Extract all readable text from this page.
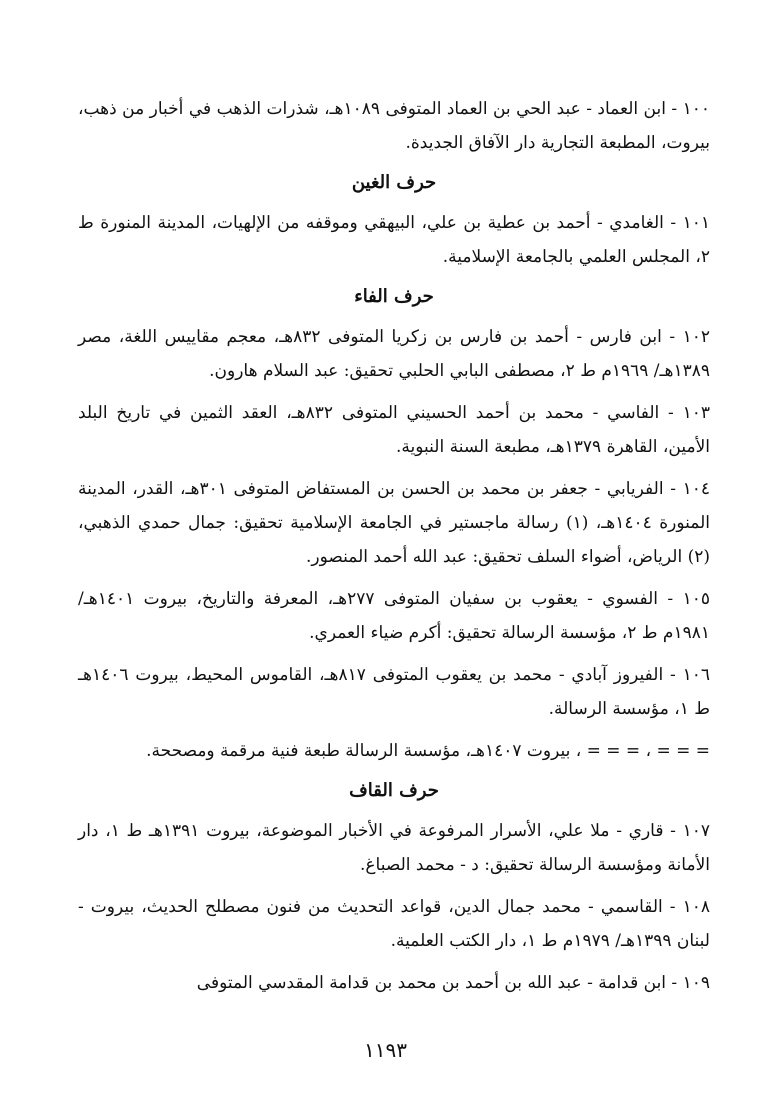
١٠٠ - ابن العماد - عبد الحي بن العماد المتوفى ١٠٨٩هـ، شذرات الذهب في أخبار من ذهب، بيروت، المطبعة التجارية دار الآفاق الجديدة.

حرف الغين

١٠١ - الغامدي - أحمد بن عطية بن علي، البيهقي وموقفه من الإلهيات، المدينة المنورة ط ٢، المجلس العلمي بالجامعة الإسلامية.

حرف الفاء

١٠٢ - ابن فارس - أحمد بن فارس بن زكريا المتوفى ٨٣٢هـ، معجم مقاييس اللغة، مصر ١٣٨٩هـ/ ١٩٦٩م ط ٢، مصطفى البابي الحلبي تحقيق: عبد السلام هارون.

١٠٣ - الفاسي - محمد بن أحمد الحسيني المتوفى ٨٣٢هـ، العقد الثمين في تاريخ البلد الأمين، القاهرة ١٣٧٩هـ، مطبعة السنة النبوية.

١٠٤ - الفريابي - جعفر بن محمد بن الحسن بن المستفاض المتوفى ٣٠١هـ، القدر، المدينة المنورة ١٤٠٤هـ، (١) رسالة ماجستير في الجامعة الإسلامية تحقيق: جمال حمدي الذهبي، (٢) الرياض، أضواء السلف تحقيق: عبد الله أحمد المنصور.

١٠٥ - الفسوي - يعقوب بن سفيان المتوفى ٢٧٧هـ، المعرفة والتاريخ، بيروت ١٤٠١هـ/ ١٩٨١م ط ٢، مؤسسة الرسالة تحقيق: أكرم ضياء العمري.

١٠٦ - الفيروز آبادي - محمد بن يعقوب المتوفى ٨١٧هـ، القاموس المحيط، بيروت ١٤٠٦هـ ط ١، مؤسسة الرسالة.

= = = ، = = = ، بيروت ١٤٠٧هـ، مؤسسة الرسالة طبعة فنية مرقمة ومصححة.

حرف القاف

١٠٧ - قاري - ملا علي، الأسرار المرفوعة في الأخبار الموضوعة، بيروت ١٣٩١هـ ط ١، دار الأمانة ومؤسسة الرسالة تحقيق: د - محمد الصباغ.

١٠٨ - القاسمي - محمد جمال الدين، قواعد التحديث من فنون مصطلح الحديث، بيروت - لبنان ١٣٩٩هـ/ ١٩٧٩م ط ١، دار الكتب العلمية.

١٠٩ - ابن قدامة - عبد الله بن أحمد بن محمد بن قدامة المقدسي المتوفى

١١٩٣
